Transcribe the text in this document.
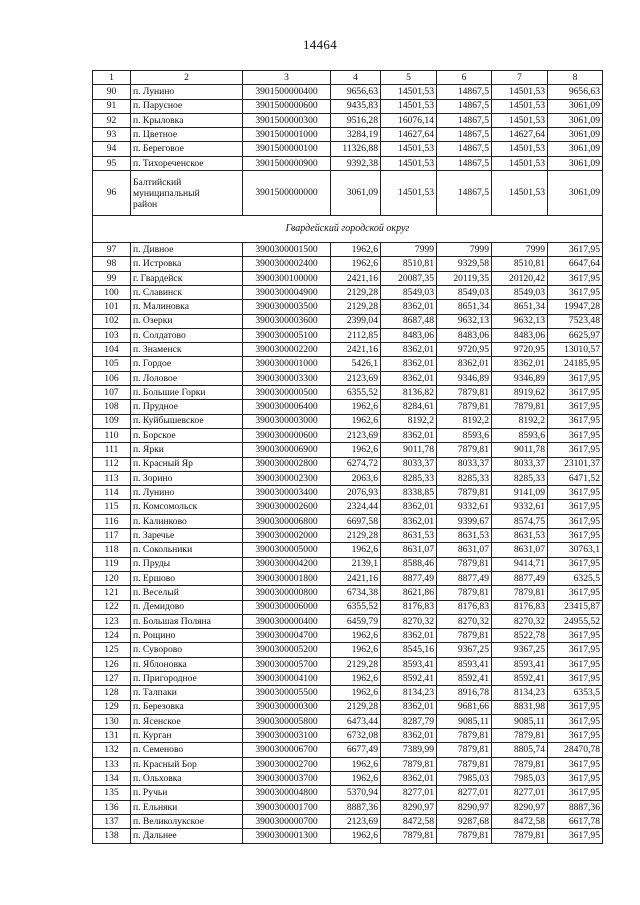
14464
1	2	3	4	5	6	7	8
90	п. Лунино	3901500000400	9656,63	14501,53	14867,5	14501,53	9656,63
91	п. Парусное	3901500000600	9435,83	14501,53	14867,5	14501,53	3061,09
92	п. Крыловка	3901500000300	9516,28	16076,14	14867,5	14501,53	3061,09
93	п. Цветное	3901500001000	3284,19	14627,64	14867,5	14627,64	3061,09
94	п. Береговое	3901500000100	11326,88	14501,53	14867,5	14501,53	3061,09
95	п. Тихореченское	3901500000900	9392,38	14501,53	14867,5	14501,53	3061,09
96	Балтийский
муниципальный
район	3901500000000	3061,09	14501,53	14867,5	14501,53	3061,09
Гвардейский городской округ							
97	п. Дивное	3900300001500	1962,6	7999	7999	7999	3617,95
98	п. Истровка	3900300002400	1962,6	8510,81	9329,58	8510,81	6647,64
99	г. Гвардейск	3900300100000	2421,16	20087,35	20119,35	20120,42	3617,95
100	п. Славинск	3900300004900	2129,28	8549,03	8549,03	8549,03	3617,95
101	п. Малиновка	3900300003500	2129,28	8362,01	8651,34	8651,34	19947,28
102	п. Озерки	3900300003600	2399,04	8687,48	9632,13	9632,13	7523,48
103	п. Солдатово	3900300005100	2112,85	8483,06	8483,06	8483,06	6625,97
104	п. Знаменск	3900300002200	2421,16	8362,01	9720,95	9720,95	13010,57
105	п. Гордое	3900300001000	5426,1	8362,01	8362,01	8362,01	24185,95
106	п. Лоловое	3900300003300	2123,69	8362,01	9346,89	9346,89	3617,95
107	п. Большие Горки	3900300000500	6355,52	8136,82	7879,81	8919,62	3617,95
108	п. Прудное	3900300006400	1962,6	8284,61	7879,81	7879,81	3617,95
109	п. Куйбышевское	3900300003000	1962,6	8192,2	8192,2	8192,2	3617,95
110	п. Борское	3900300000600	2123,69	8362,01	8593,6	8593,6	3617,95
111	п. Ярки	3900300006900	1962,6	9011,78	7879,81	9011,78	3617,95
112	п. Красный Яр	3900300002800	6274,72	8033,37	8033,37	8033,37	23101,37
113	п. Зорино	3900300002300	2063,6	8285,33	8285,33	8285,33	6471,52
114	п. Лунино	3900300003400	2076,93	8338,85	7879,81	9141,09	3617,95
115	п. Комсомольск	3900300002600	2324,44	8362,01	9332,61	9332,61	3617,95
116	п. Калинково	3900300006800	6697,58	8362,01	9399,67	8574,75	3617,95
117	п. Заречье	3900300002000	2129,28	8631,53	8631,53	8631,53	3617,95
118	п. Сокольники	3900300005000	1962,6	8631,07	8631,07	8631,07	30763,1
119	п. Пруды	3900300004200	2139,1	8588,46	7879,81	9414,71	3617,95
120	п. Ершово	3900300001800	2421,16	8877,49	8877,49	8877,49	6325,5
121	п. Веселый	3900300000800	6734,38	8621,86	7879,81	7879,81	3617,95
122	п. Демидово	3900300006000	6355,52	8176,83	8176,83	8176,83	23415,87
123	п. Большая Поляна	3900300000400	6459,79	8270,32	8270,32	8270,32	24955,52
124	п. Рощино	3900300004700	1962,6	8362,01	7879,81	8522,78	3617,95
125	п. Суворово	3900300005200	1962,6	8545,16	9367,25	9367,25	3617,95
126	п. Яблоновка	3900300005700	2129,28	8593,41	8593,41	8593,41	3617,95
127	п. Пригородное	3900300004100	1962,6	8592,41	8592,41	8592,41	3617,95
128	п. Талпаки	3900300005500	1962,6	8134,23	8916,78	8134,23	6353,5
129	п. Березовка	3900300000300	2129,28	8362,01	9681,66	8831,98	3617,95
130	п. Ясенское	3900300005800	6473,44	8287,79	9085,11	9085,11	3617,95
131	п. Курган	3900300003100	6732,08	8362,01	7879,81	7879,81	3617,95
132	п. Семеново	3900300006700	6677,49	7389,99	7879,81	8805,74	28470,78
133	п. Красный Бор	3900300002700	1962,6	7879,81	7879,81	7879,81	3617,95
134	п. Ольховка	3900300003700	1962,6	8362,01	7985,03	7985,03	3617,95
135	п. Ручьи	3900300004800	5370,94	8277,01	8277,01	8277,01	3617,95
136	п. Ельняки	3900300001700	8887,36	8290,97	8290,97	8290,97	8887,36
137	п. Великолукское	3900300000700	2123,69	8472,58	9287,68	8472,58	6617,78
138	п. Дальнее	3900300001300	1962,6	7879,81	7879,81	7879,81	3617,95
